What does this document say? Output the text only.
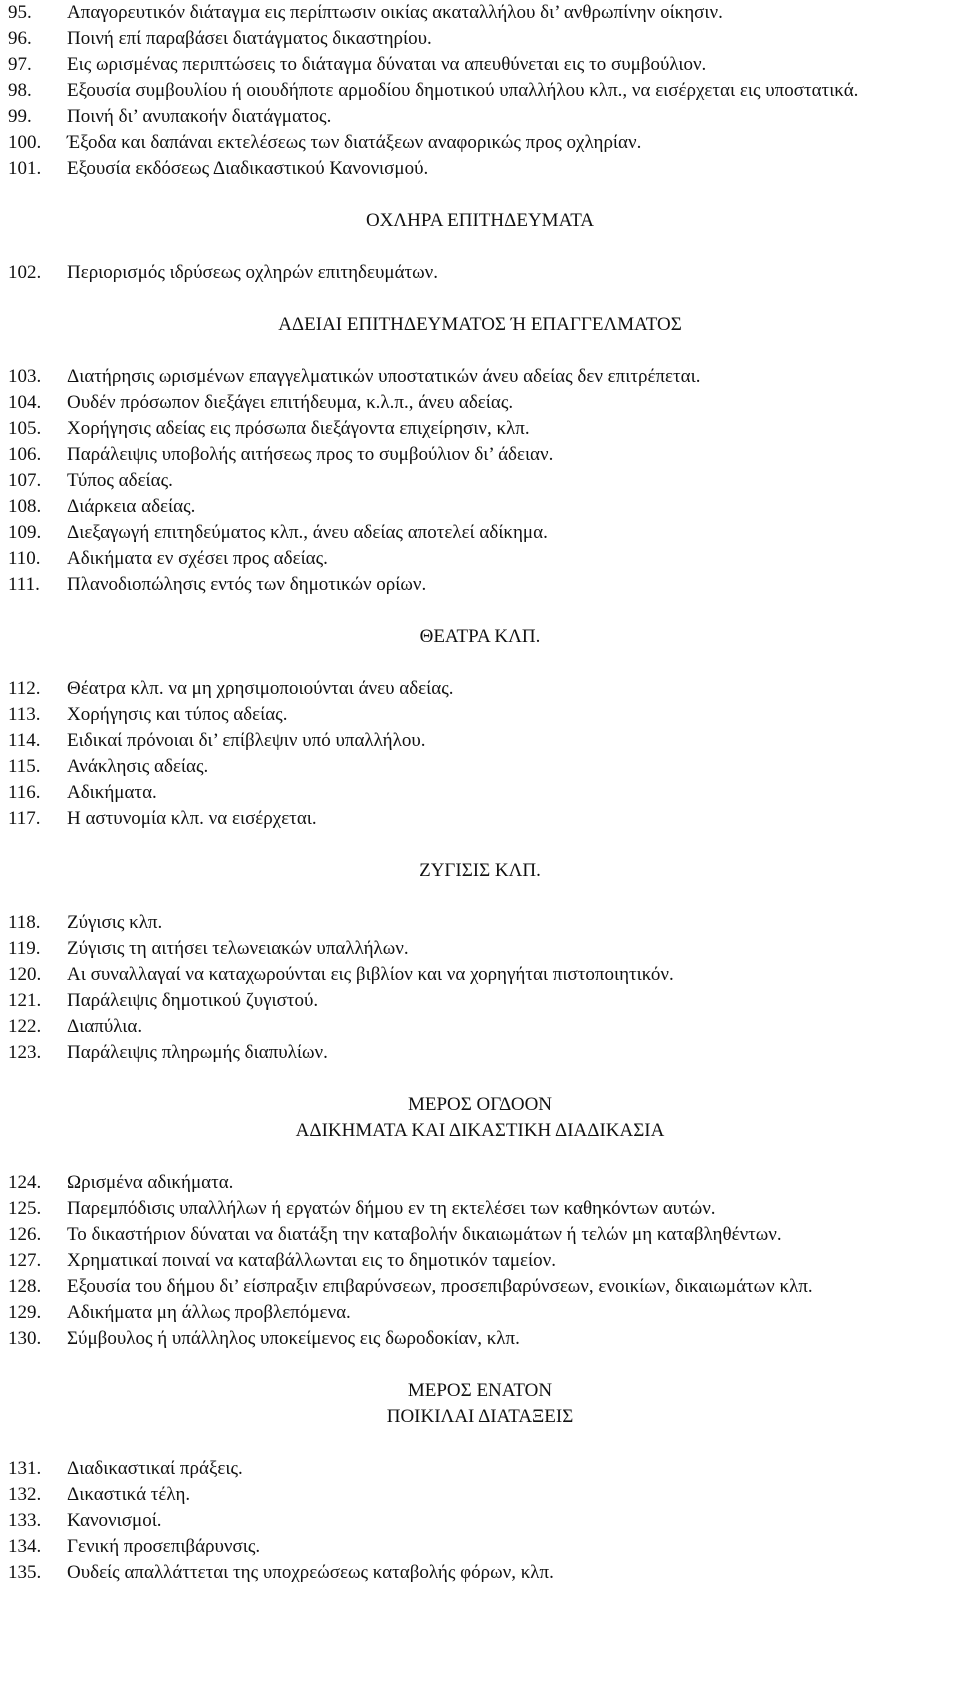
95.	Απαγορευτικόν διάταγμα εις περίπτωσιν οικίας ακαταλλήλου δι’ ανθρωπίνην οίκησιν.
96.	Ποινή επί παραβάσει διατάγματος δικαστηρίου.
97.	Εις ωρισμένας περιπτώσεις το διάταγμα δύναται να απευθύνεται εις το συμβούλιον.
98.	Εξουσία συμβουλίου ή οιουδήποτε αρμοδίου δημοτικού υπαλλήλου κλπ., να εισέρχεται εις υποστατικά.
99.	Ποινή δι’ ανυπακοήν διατάγματος.
100.	Έξοδα και δαπάναι εκτελέσεως των διατάξεων αναφορικώς προς οχληρίαν.
101.	Εξουσία εκδόσεως Διαδικαστικού Κανονισμού.
ΟΧΛΗΡΑ ΕΠΙΤΗΔΕΥΜΑΤΑ
102.	Περιορισμός ιδρύσεως οχληρών επιτηδευμάτων.
ΑΔΕΙΑΙ ΕΠΙΤΗΔΕΥΜΑΤΟΣ Ή ΕΠΑΓΓΕΛΜΑΤΟΣ
103.	Διατήρησις ωρισμένων επαγγελματικών υποστατικών άνευ αδείας δεν επιτρέπεται.
104.	Ουδέν πρόσωπον διεξάγει επιτήδευμα, κ.λ.π., άνευ αδείας.
105.	Χορήγησις αδείας εις πρόσωπα διεξάγοντα επιχείρησιν, κλπ.
106.	Παράλειψις υποβολής αιτήσεως προς το συμβούλιον δι’ άδειαν.
107.	Τύπος αδείας.
108.	Διάρκεια αδείας.
109.	Διεξαγωγή επιτηδεύματος κλπ., άνευ αδείας αποτελεί αδίκημα.
110.	Αδικήματα εν σχέσει προς αδείας.
111.	Πλανοδιοπώλησις εντός των δημοτικών ορίων.
ΘΕΑΤΡΑ ΚΛΠ.
112.	Θέατρα κλπ. να μη χρησιμοποιούνται άνευ αδείας.
113.	Χορήγησις και τύπος αδείας.
114.	Ειδικαί πρόνοιαι δι’ επίβλεψιν υπό υπαλλήλου.
115.	Ανάκλησις αδείας.
116.	Αδικήματα.
117.	Η αστυνομία κλπ. να εισέρχεται.
ΖΥΓΙΣΙΣ ΚΛΠ.
118.	Ζύγισις κλπ.
119.	Ζύγισις τη αιτήσει τελωνειακών υπαλλήλων.
120.	Αι συναλλαγαί να καταχωρούνται εις βιβλίον και να χορηγήται πιστοποιητικόν.
121.	Παράλειψις δημοτικού ζυγιστού.
122.	Διαπύλια.
123.	Παράλειψις πληρωμής διαπυλίων.
ΜΕΡΟΣ ΟΓΔΟΟΝ
ΑΔΙΚΗΜΑΤΑ ΚΑΙ ΔΙΚΑΣΤΙΚΗ ΔΙΑΔΙΚΑΣΙΑ
124.	Ωρισμένα αδικήματα.
125.	Παρεμπόδισις υπαλλήλων ή εργατών δήμου εν τη εκτελέσει των καθηκόντων αυτών.
126.	Το δικαστήριον δύναται να διατάξη την καταβολήν δικαιωμάτων ή τελών μη καταβληθέντων.
127.	Χρηματικαί ποιναί να καταβάλλωνται εις το δημοτικόν ταμείον.
128.	Εξουσία του δήμου δι’ είσπραξιν επιβαρύνσεων, προσεπιβαρύνσεων, ενοικίων, δικαιωμάτων κλπ.
129.	Αδικήματα μη άλλως προβλεπόμενα.
130.	Σύμβουλος ή υπάλληλος υποκείμενος εις δωροδοκίαν, κλπ.
ΜΕΡΟΣ ΕΝΑΤΟΝ
ΠΟΙΚΙΛΑΙ ΔΙΑΤΑΞΕΙΣ
131.	Διαδικαστικαί πράξεις.
132.	Δικαστικά τέλη.
133.	Κανονισμοί.
134.	Γενική προσεπιβάρυνσις.
135.	Ουδείς απαλλάττεται της υποχρεώσεως καταβολής φόρων, κλπ.
